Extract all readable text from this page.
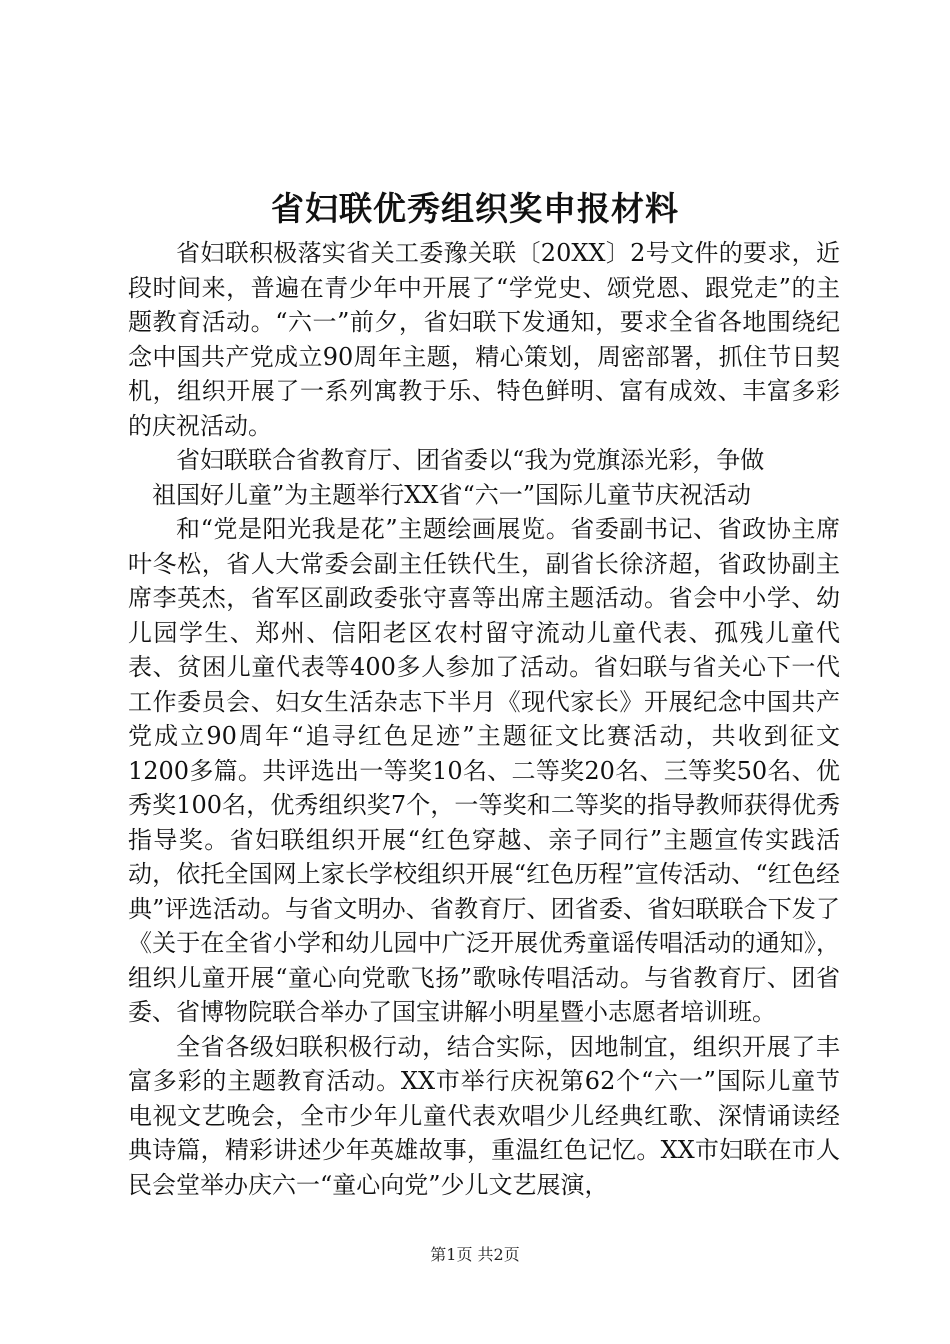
省妇联优秀组织奖申报材料

省妇联积极落实省关工委豫关联〔20XX〕2号文件的要求，近段时间来，普遍在青少年中开展了“学党史、颂党恩、跟党走”的主题教育活动。“六一”前夕，省妇联下发通知，要求全省各地围绕纪念中国共产党成立90周年主题，精心策划，周密部署，抓住节日契机，组织开展了一系列寓教于乐、特色鲜明、富有成效、丰富多彩的庆祝活动。

省妇联联合省教育厅、团省委以“我为党旗添光彩，争做

祖国好儿童”为主题举行XX省“六一”国际儿童节庆祝活动

和“党是阳光我是花”主题绘画展览。省委副书记、省政协主席叶冬松，省人大常委会副主任铁代生，副省长徐济超，省政协副主席李英杰，省军区副政委张守喜等出席主题活动。省会中小学、幼儿园学生、郑州、信阳老区农村留守流动儿童代表、孤残儿童代表、贫困儿童代表等400多人参加了活动。省妇联与省关心下一代工作委员会、妇女生活杂志下半月《现代家长》开展纪念中国共产党成立90周年“追寻红色足迹”主题征文比赛活动，共收到征文1200多篇。共评选出一等奖10名、二等奖20名、三等奖50名、优秀奖100名，优秀组织奖7个，一等奖和二等奖的指导教师获得优秀指导奖。省妇联组织开展“红色穿越、亲子同行”主题宣传实践活动，依托全国网上家长学校组织开展“红色历程”宣传活动、“红色经典”评选活动。与省文明办、省教育厅、团省委、省妇联联合下发了《关于在全省小学和幼儿园中广泛开展优秀童谣传唱活动的通知》，组织儿童开展“童心向党歌飞扬”歌咏传唱活动。与省教育厅、团省委、省博物院联合举办了国宝讲解小明星暨小志愿者培训班。

全省各级妇联积极行动，结合实际，因地制宜，组织开展了丰富多彩的主题教育活动。XX市举行庆祝第62个“六一”国际儿童节电视文艺晚会，全市少年儿童代表欢唱少儿经典红歌、深情诵读经典诗篇，精彩讲述少年英雄故事，重温红色记忆。XX市妇联在市人民会堂举办庆六一“童心向党”少儿文艺展演，

第1页 共2页
